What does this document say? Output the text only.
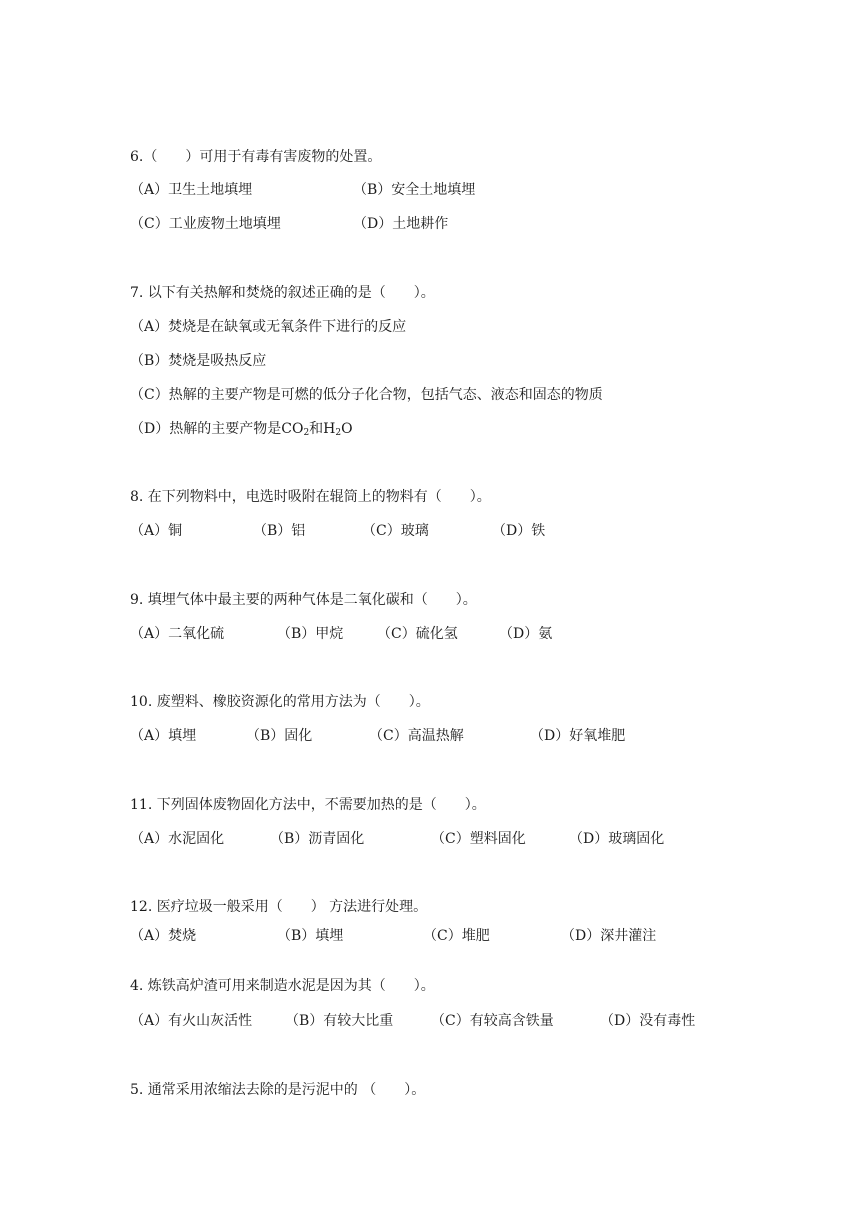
6.（　　）可用于有毒有害废物的处置。
（A）卫生土地填埋	（B）安全土地填埋
（C）工业废物土地填埋	（D）土地耕作
7. 以下有关热解和焚烧的叙述正确的是（　　）。
（A）焚烧是在缺氧或无氧条件下进行的反应
（B）焚烧是吸热反应
（C）热解的主要产物是可燃的低分子化合物，包括气态、液态和固态的物质
（D）热解的主要产物是$CO_2$和$H_2O$
8. 在下列物料中，电选时吸附在辊筒上的物料有（　　）。
（A）铜	（B）铝	（C）玻璃	（D）铁
9. 填埋气体中最主要的两种气体是二氧化碳和（　　）。
（A）二氧化硫	（B）甲烷 （C）硫化氢	（D）氨
10. 废塑料、橡胶资源化的常用方法为（　　）。
（A）填埋	（B）固化	（C）高温热解	（D）好氧堆肥
11. 下列固体废物固化方法中，不需要加热的是（　　）。
（A）水泥固化	（B）沥青固化	（C）塑料固化	（D）玻璃固化
12. 医疗垃圾一般采用（　　） 方法进行处理。
（A）焚烧	（B）填埋	（C）堆肥	（D）深井灌注
4. 炼铁高炉渣可用来制造水泥是因为其（　　）。
（A）有火山灰活性 （B）有较大比重	（C）有较高含铁量	（D）没有毒性
5. 通常采用浓缩法去除的是污泥中的 （　　）。
